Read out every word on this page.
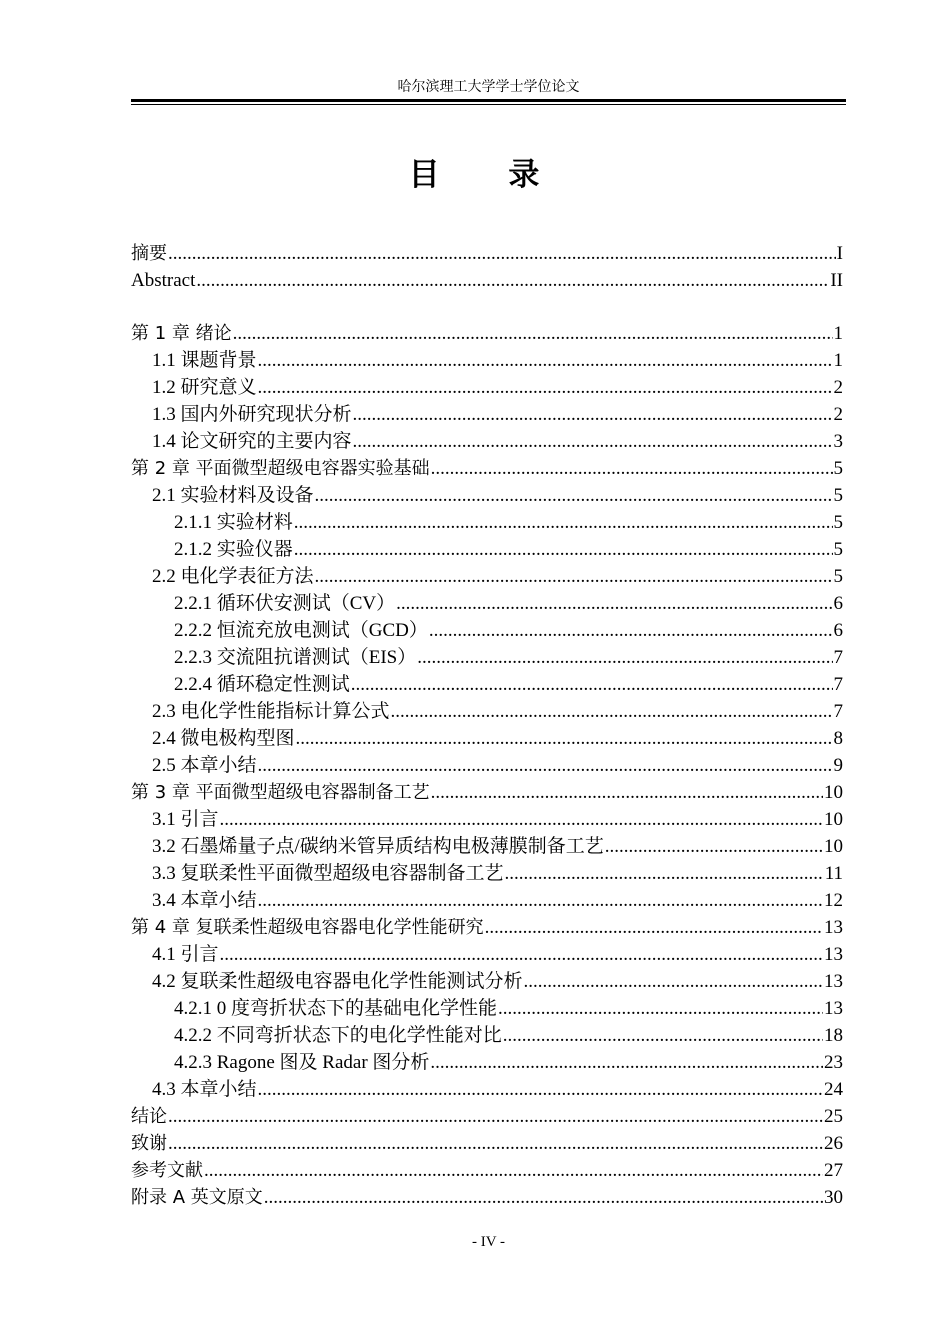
哈尔滨理工大学学士学位论文
目 录
摘要 .....	I
Abstract .....	II
第 1 章 绪论 .....	1
1.1 课题背景 .....	1
1.2 研究意义 .....	2
1.3 国内外研究现状分析 .....	2
1.4 论文研究的主要内容 .....	3
第 2 章 平面微型超级电容器实验基础 .....	5
2.1 实验材料及设备 .....	5
2.1.1 实验材料 .....	5
2.1.2 实验仪器 .....	5
2.2 电化学表征方法 .....	5
2.2.1 循环伏安测试（CV） .....	6
2.2.2 恒流充放电测试（GCD） .....	6
2.2.3 交流阻抗谱测试（EIS） .....	7
2.2.4 循环稳定性测试 .....	7
2.3 电化学性能指标计算公式 .....	7
2.4 微电极构型图 .....	8
2.5 本章小结 .....	9
第 3 章 平面微型超级电容器制备工艺 .....	10
3.1 引言 .....	10
3.2 石墨烯量子点/碳纳米管异质结构电极薄膜制备工艺 .....	10
3.3 复联柔性平面微型超级电容器制备工艺 .....	11
3.4 本章小结 .....	12
第 4 章 复联柔性超级电容器电化学性能研究 .....	13
4.1 引言 .....	13
4.2 复联柔性超级电容器电化学性能测试分析 .....	13
4.2.1 0 度弯折状态下的基础电化学性能 .....	13
4.2.2 不同弯折状态下的电化学性能对比 .....	18
4.2.3 Ragone 图及 Radar 图分析 .....	23
4.3 本章小结 .....	24
结论 .....	25
致谢 .....	26
参考文献 .....	27
附录 A 英文原文 .....	30
- IV -
